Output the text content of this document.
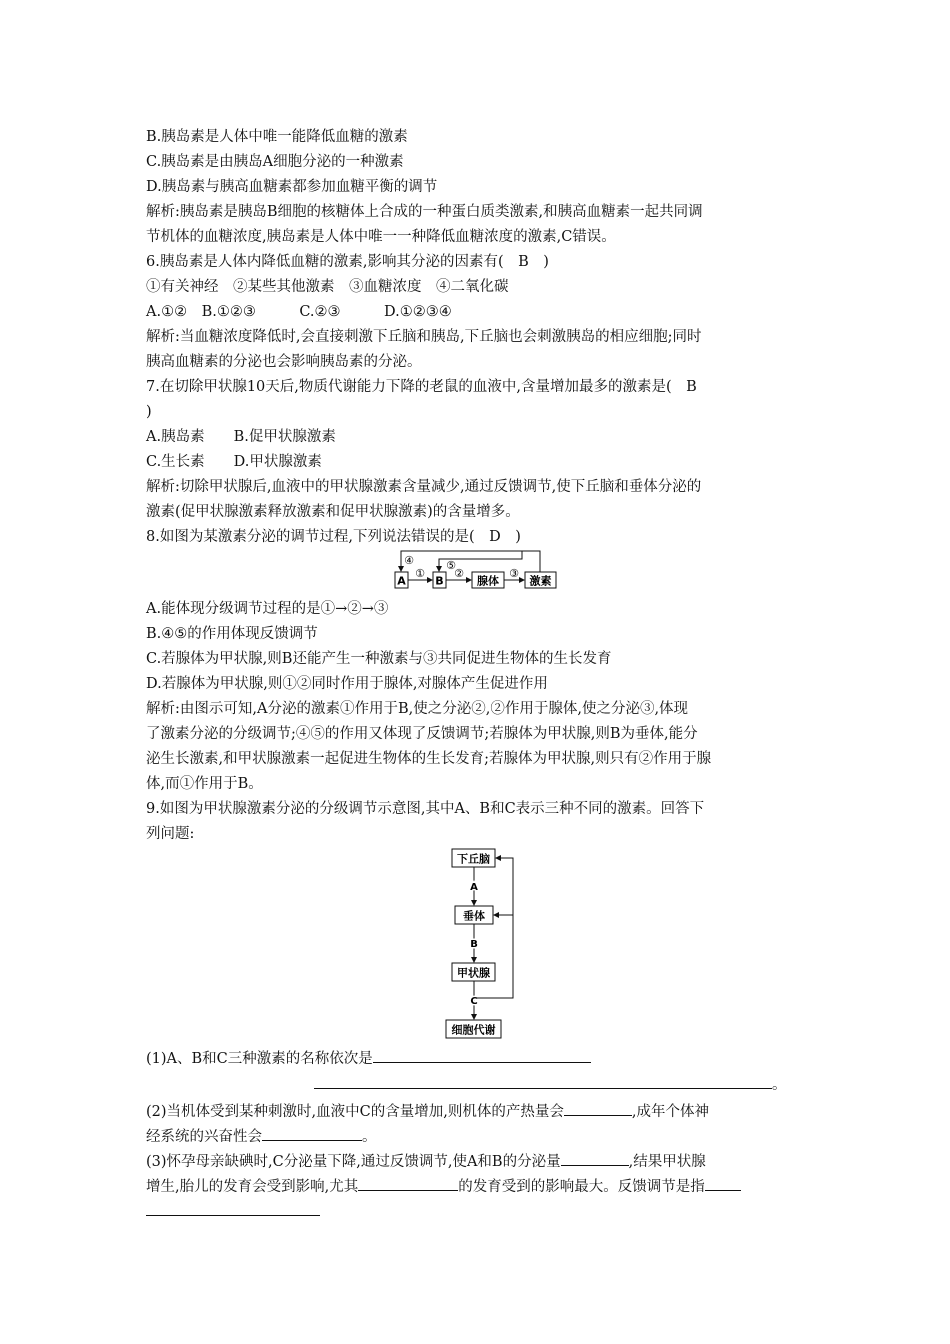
B.胰岛素是人体中唯一能降低血糖的激素
C.胰岛素是由胰岛A细胞分泌的一种激素
D.胰岛素与胰高血糖素都参加血糖平衡的调节
解析:胰岛素是胰岛B细胞的核糖体上合成的一种蛋白质类激素,和胰高血糖素一起共同调
节机体的血糖浓度,胰岛素是人体中唯一一种降低血糖浓度的激素,C错误。
6.胰岛素是人体内降低血糖的激素,影响其分泌的因素有(　B　)
①有关神经　②某些其他激素　③血糖浓度　④二氧化碳
A.①②　B.①②③　　　C.②③　　　D.①②③④
解析:当血糖浓度降低时,会直接刺激下丘脑和胰岛,下丘脑也会刺激胰岛的相应细胞;同时
胰高血糖素的分泌也会影响胰岛素的分泌。
7.在切除甲状腺10天后,物质代谢能力下降的老鼠的血液中,含量增加最多的激素是(　B
)
A.胰岛素　　B.促甲状腺激素
C.生长素　　D.甲状腺激素
解析:切除甲状腺后,血液中的甲状腺激素含量减少,通过反馈调节,使下丘脑和垂体分泌的
激素(促甲状腺激素释放激素和促甲状腺激素)的含量增多。
8.如图为某激素分泌的调节过程,下列说法错误的是(　D　)
A	B	腺体	激素
①	②	③
④	⑤
A.能体现分级调节过程的是①→②→③
B.④⑤的作用体现反馈调节
C.若腺体为甲状腺,则B还能产生一种激素与③共同促进生物体的生长发育
D.若腺体为甲状腺,则①②同时作用于腺体,对腺体产生促进作用
解析:由图示可知,A分泌的激素①作用于B,使之分泌②,②作用于腺体,使之分泌③,体现
了激素分泌的分级调节;④⑤的作用又体现了反馈调节;若腺体为甲状腺,则B为垂体,能分
泌生长激素,和甲状腺激素一起促进生物体的生长发育;若腺体为甲状腺,则只有②作用于腺
体,而①作用于B。
9.如图为甲状腺激素分泌的分级调节示意图,其中A、B和C表示三种不同的激素。回答下
列问题:
下丘脑
垂体
甲状腺
细胞代谢
A
B
C
(1)A、B和C三种激素的名称依次是
。
(2)当机体受到某种刺激时,血液中C的含量增加,则机体的产热量会	,成年个体神
经系统的兴奋性会	。
(3)怀孕母亲缺碘时,C分泌量下降,通过反馈调节,使A和B的分泌量	,结果甲状腺
增生,胎儿的发育会受到影响,尤其	的发育受到的影响最大。反馈调节是指
